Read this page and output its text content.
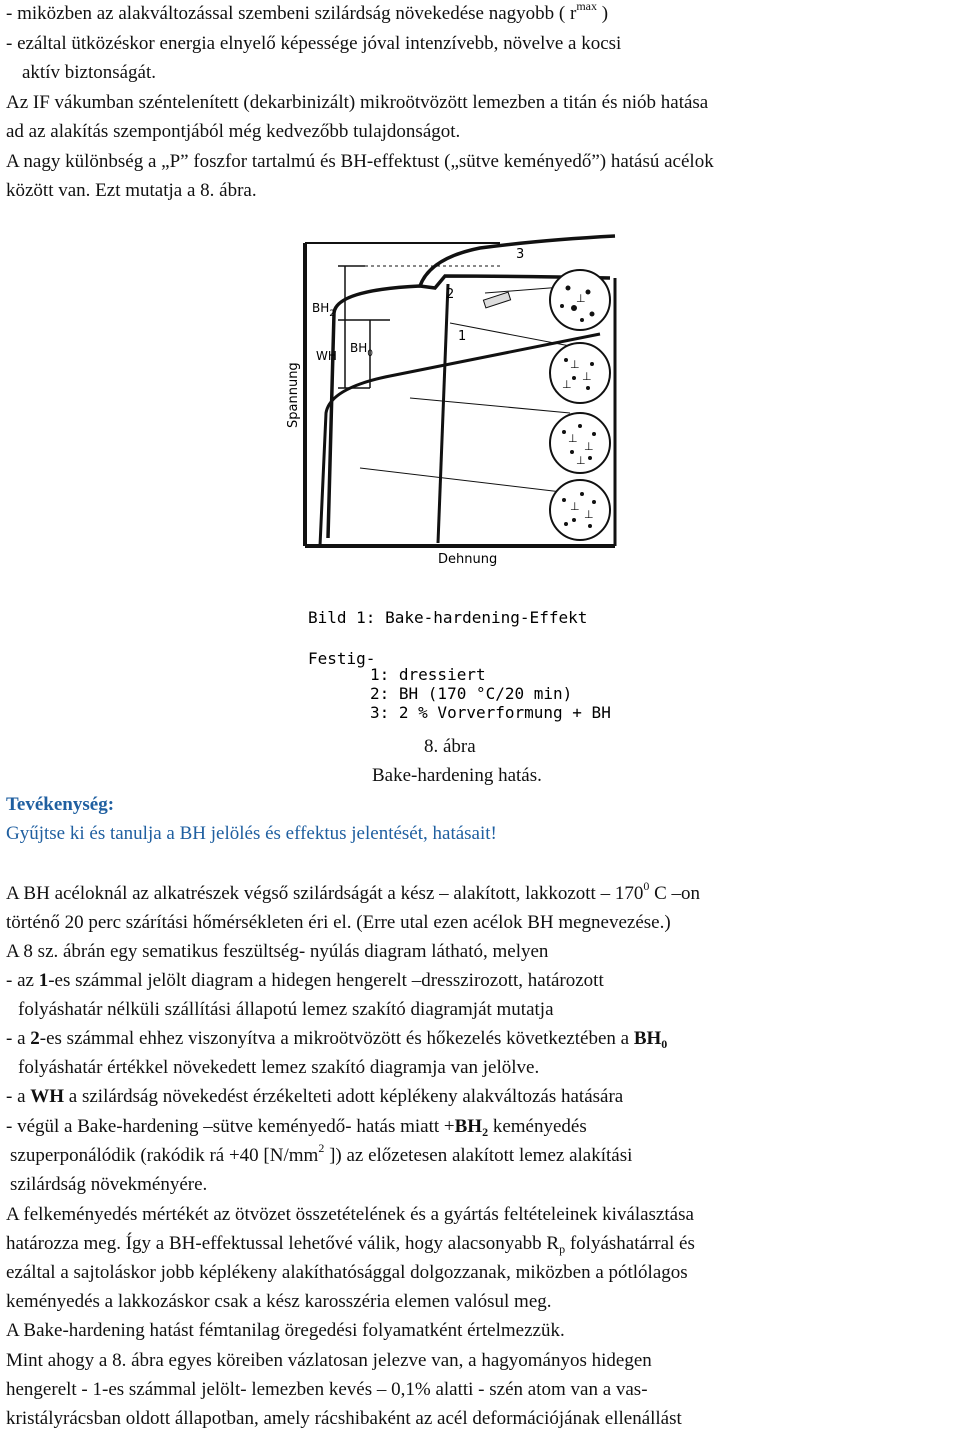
- miközben az alakváltozással szembeni szilárdság növekedése nagyobb ( $r^{max}$ )
- ezáltal ütközéskor energia elnyelő képessége jóval intenzívebb, növelve a kocsi
aktív biztonságát.
Az IF vákumban széntelenített (dekarbinizált) mikroötvözött lemezben a titán és niób hatása
ad az alakítás szempontjából még kedvezőbb tulajdonságot.
A nagy különbség a „P” foszfor tartalmú és BH-effektust („sütve keményedő”) hatású acélok
között van. Ezt mutatja a 8. ábra.
⊥
⊥
⊥
⊥
⊥
⊥
⊥
⊥
⊥
3
2
1
$BH_2$
WH
$BH_0$
Spannung
Dehnung
Bild 1: Bake-hardening-Effekt
Festig-
1: dressiert
2: BH (170 °C/20 min)
3: 2 % Vorverformung + BH
8. ábra
Bake-hardening hatás.
Tevékenység:
Gyűjtse ki és tanulja a BH jelölés és effektus jelentését, hatásait!
A BH acéloknál az alkatrészek végső szilárdságát a kész – alakított, lakkozott – $170^0$ C –on
történő 20 perc szárítási hőmérsékleten éri el. (Erre utal ezen acélok BH megnevezése.)
A 8 sz. ábrán egy sematikus feszültség- nyúlás diagram látható, melyen
- az 1-es számmal jelölt diagram a hidegen hengerelt –dresszirozott, határozott
folyáshatár nélküli szállítási állapotú lemez szakító diagramját mutatja
- a 2-es számmal ehhez viszonyítva a mikroötvözött és hőkezelés következtében a $BH_0$
folyáshatár értékkel növekedett lemez szakító diagramja van jelölve.
- a WH a szilárdság növekedést érzékelteti adott képlékeny alakváltozás hatására
- végül a Bake-hardening –sütve keményedő- hatás miatt $+BH_2$ keményedés
szuperponálódik (rakódik rá +40 [$N/mm^2$ ]) az előzetesen alakított lemez alakítási
szilárdság növekményére.
A felkeményedés mértékét az ötvözet összetételének és a gyártás feltételeinek kiválasztása
határozza meg. Így a BH-effektussal lehetővé válik, hogy alacsonyabb $R_p$ folyáshatárral és
ezáltal a sajtoláskor jobb képlékeny alakíthatósággal dolgozzanak, miközben a pótlólagos
keményedés a lakkozáskor csak a kész karosszéria elemen valósul meg.
A Bake-hardening hatást fémtanilag öregedési folyamatként értelmezzük.
Mint ahogy a 8. ábra egyes köreiben vázlatosan jelezve van, a hagyományos hidegen
hengerelt - 1-es számmal jelölt- lemezben kevés – 0,1% alatti - szén atom van a vas-
kristályrácsban oldott állapotban, amely rácshibaként az acél deformációjának ellenállást
